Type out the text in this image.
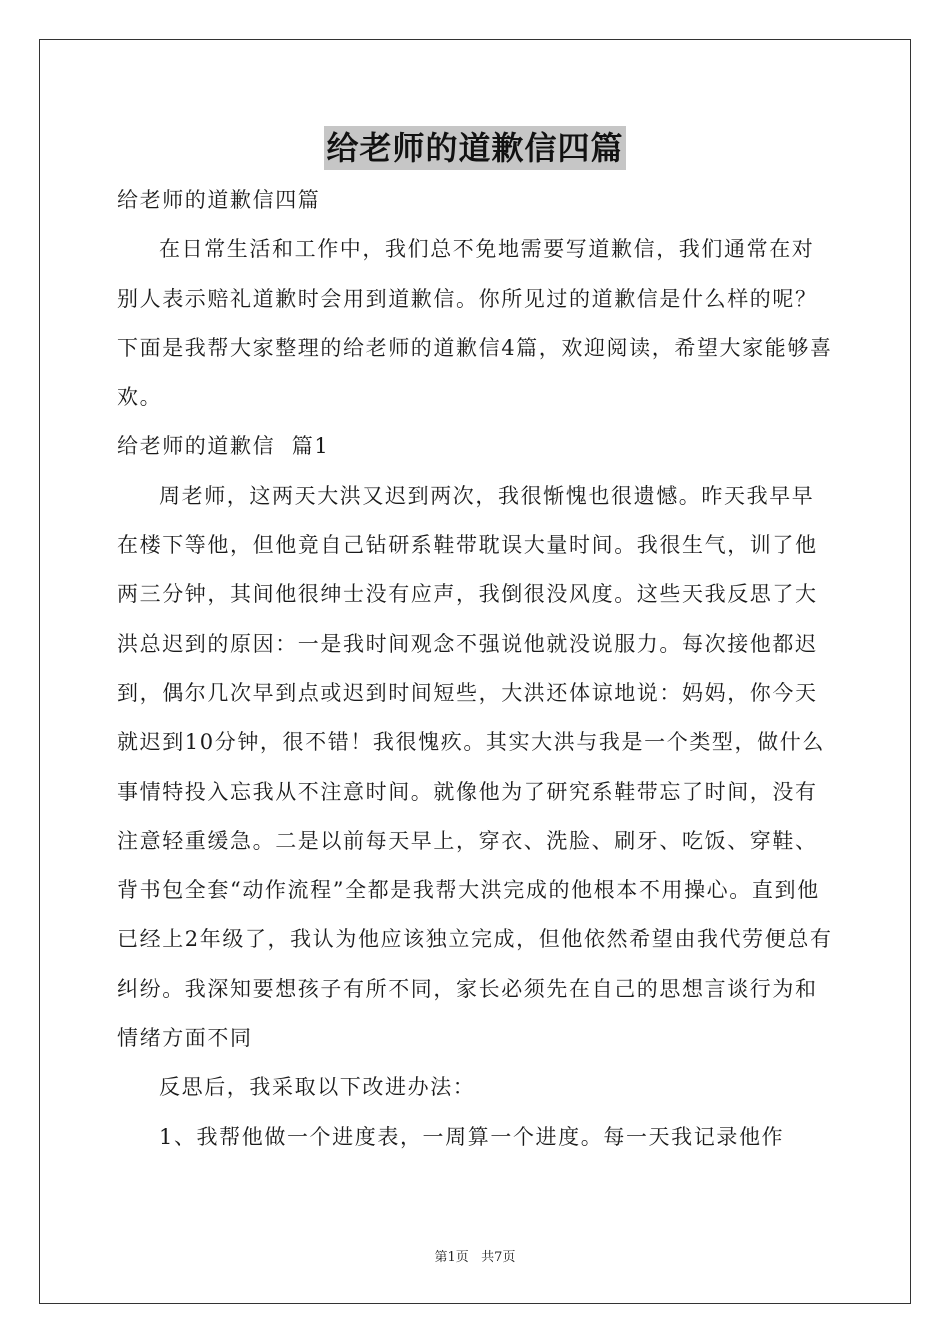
给老师的道歉信四篇

给老师的道歉信四篇

在日常生活和工作中，我们总不免地需要写道歉信，我们通常在对别人表示赔礼道歉时会用到道歉信。你所见过的道歉信是什么样的呢？下面是我帮大家整理的给老师的道歉信4篇，欢迎阅读，希望大家能够喜欢。

给老师的道歉信  篇1

周老师，这两天大洪又迟到两次，我很惭愧也很遗憾。昨天我早早在楼下等他，但他竟自己钻研系鞋带耽误大量时间。我很生气，训了他两三分钟，其间他很绅士没有应声，我倒很没风度。这些天我反思了大洪总迟到的原因：一是我时间观念不强说他就没说服力。每次接他都迟到，偶尔几次早到点或迟到时间短些，大洪还体谅地说：妈妈，你今天就迟到10分钟，很不错！我很愧疚。其实大洪与我是一个类型，做什么事情特投入忘我从不注意时间。就像他为了研究系鞋带忘了时间，没有注意轻重缓急。二是以前每天早上，穿衣、洗脸、刷牙、吃饭、穿鞋、背书包全套“动作流程”全都是我帮大洪完成的他根本不用操心。直到他已经上2年级了，我认为他应该独立完成，但他依然希望由我代劳便总有纠纷。我深知要想孩子有所不同，家长必须先在自己的思想言谈行为和情绪方面不同

反思后，我采取以下改进办法：

1、我帮他做一个进度表，一周算一个进度。每一天我记录他作

第1页   共7页
